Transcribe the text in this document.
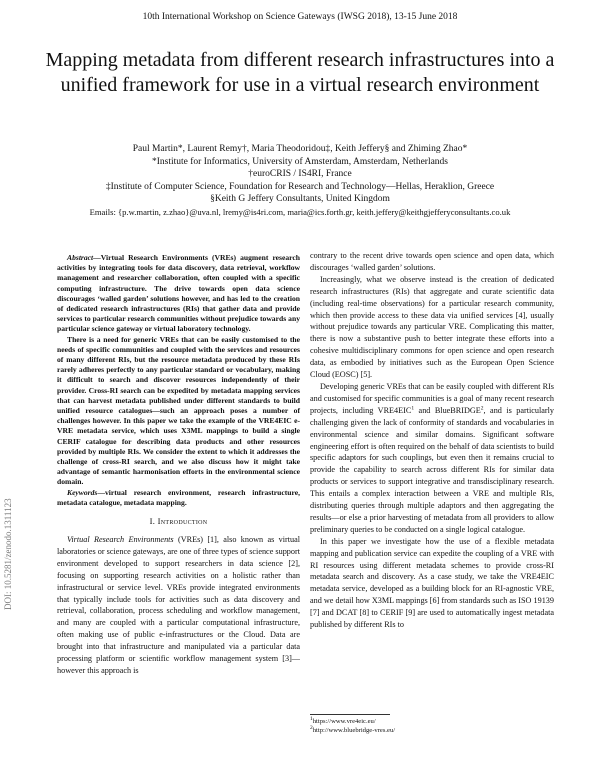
10th International Workshop on Science Gateways (IWSG 2018), 13-15 June 2018
Mapping metadata from different research infrastructures into a unified framework for use in a virtual research environment
Paul Martin*, Laurent Remy†, Maria Theodoridou‡, Keith Jeffery§ and Zhiming Zhao*
*Institute for Informatics, University of Amsterdam, Amsterdam, Netherlands
†euroCRIS / IS4RI, France
‡Institute of Computer Science, Foundation for Research and Technology—Hellas, Heraklion, Greece
§Keith G Jeffery Consultants, United Kingdom
Emails: {p.w.martin, z.zhao}@uva.nl, lremy@is4ri.com, maria@ics.forth.gr, keith.jeffery@keithgjefferyconsultants.co.uk

Abstract—Virtual Research Environments (VREs) augment research activities by integrating tools for data discovery, data retrieval, workflow management and researcher collaboration, often coupled with a specific computing infrastructure. The drive towards open data science discourages ‘walled garden’ solutions however, and has led to the creation of dedicated research infrastructures (RIs) that gather data and provide services to particular research communities without prejudice towards any particular science gateway or virtual laboratory technology.

There is a need for generic VREs that can be easily customised to the needs of specific communities and coupled with the services and resources of many different RIs, but the resource metadata produced by these RIs rarely adheres perfectly to any particular standard or vocabulary, making it difficult to search and discover resources independently of their provider. Cross-RI search can be expedited by metadata mapping services that can harvest metadata published under different standards to build unified resource catalogues—such an approach poses a number of challenges however. In this paper we take the example of the VRE4EIC e-VRE metadata service, which uses X3ML mappings to build a single CERIF catalogue for describing data products and other resources provided by multiple RIs. We consider the extent to which it addresses the challenge of cross-RI search, and we also discuss how it might take advantage of semantic harmonisation efforts in the environmental science domain.

Keywords—virtual research environment, research infrastructure, metadata catalogue, metadata mapping.

I. Introduction

Virtual Research Environments (VREs) [1], also known as virtual laboratories or science gateways, are one of three types of science support environment developed to support researchers in data science [2], focusing on supporting research activities on a holistic rather than infrastructural or service level. VREs provide integrated environments that typically include tools for activities such as data discovery and retrieval, collaboration, process scheduling and workflow management, and many are coupled with a particular computational infrastructure, often making use of public e-infrastructures or the Cloud. Data are brought into that infrastructure and manipulated via a particular data processing platform or scientific workflow management system [3]—however this approach is

contrary to the recent drive towards open science and open data, which discourages ‘walled garden’ solutions.

Increasingly, what we observe instead is the creation of dedicated research infrastructures (RIs) that aggregate and curate scientific data (including real-time observations) for a particular research community, which then provide access to these data via unified services [4], usually without prejudice towards any particular VRE. Complicating this matter, there is now a substantive push to better integrate these efforts into a cohesive multidisciplinary commons for open science and open research data, as embodied by initiatives such as the European Open Science Cloud (EOSC) [5].

Developing generic VREs that can be easily coupled with different RIs and customised for specific communities is a goal of many recent research projects, including VRE4EIC$^1$ and BlueBRIDGE$^2$, and is particularly challenging given the lack of conformity of standards and vocabularies in environmental science and similar domains. Significant software engineering effort is often required on the behalf of data scientists to build specific adaptors for such couplings, but even then it remains crucial to provide the capability to search across different RIs for similar data products or services to support integrative and transdisciplinary research. This entails a complex interaction between a VRE and multiple RIs, distributing queries through multiple adaptors and then aggregating the results—or else a prior harvesting of metadata from all providers to allow preliminary queries to be conducted on a single logical catalogue.

In this paper we investigate how the use of a flexible metadata mapping and publication service can expedite the coupling of a VRE with RI resources using different metadata schemes to provide cross-RI metadata search and discovery. As a case study, we take the VRE4EIC metadata service, developed as a building block for an RI-agnostic VRE, and we detail how X3ML mappings [6] from standards such as ISO 19139 [7] and DCAT [8] to CERIF [9] are used to automatically ingest metadata published by different RIs to

$^1$https://www.vre4eic.eu/
$^2$http://www.bluebridge-vres.eu/
DOI: 10.5281/zenodo.1311123
